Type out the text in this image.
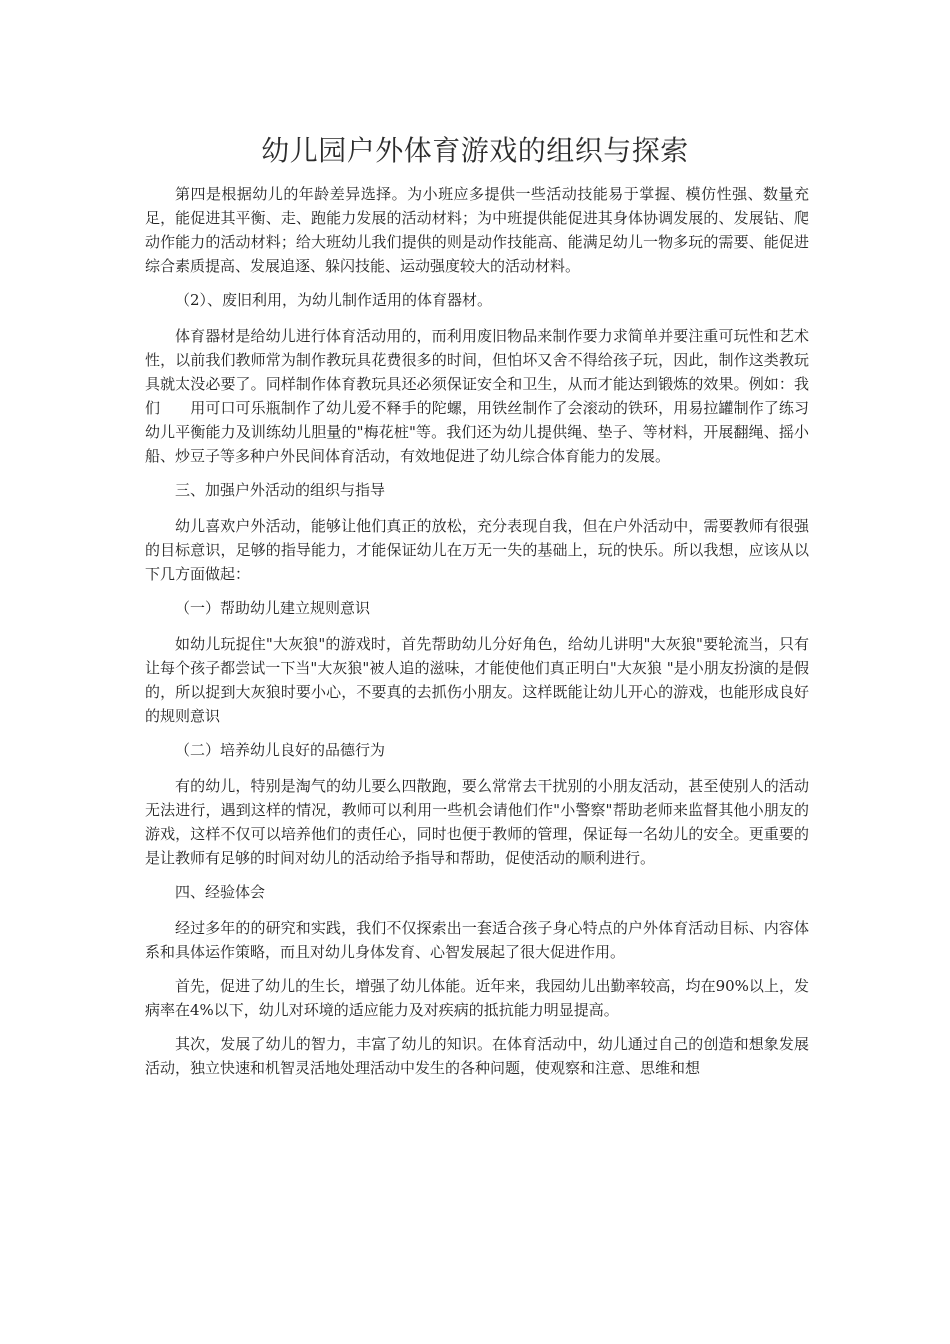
幼儿园户外体育游戏的组织与探索

第四是根据幼儿的年龄差异选择。为小班应多提供一些活动技能易于掌握、模仿性强、数量充足，能促进其平衡、走、跑能力发展的活动材料；为中班提供能促进其身体协调发展的、发展钻、爬动作能力的活动材料；给大班幼儿我们提供的则是动作技能高、能满足幼儿一物多玩的需要、能促进综合素质提高、发展追逐、躲闪技能、运动强度较大的活动材料。

（2）、废旧利用，为幼儿制作适用的体育器材。

体育器材是给幼儿进行体育活动用的，而利用废旧物品来制作要力求简单并要注重可玩性和艺术性，以前我们教师常为制作教玩具花费很多的时间，但怕坏又舍不得给孩子玩，因此，制作这类教玩具就太没必要了。同样制作体育教玩具还必须保证安全和卫生，从而才能达到锻炼的效果。例如：我们　　用可口可乐瓶制作了幼儿爱不释手的陀螺，用铁丝制作了会滚动的铁环，用易拉罐制作了练习幼儿平衡能力及训练幼儿胆量的"梅花桩"等。我们还为幼儿提供绳、垫子、等材料，开展翻绳、摇小船、炒豆子等多种户外民间体育活动，有效地促进了幼儿综合体育能力的发展。

三、加强户外活动的组织与指导

幼儿喜欢户外活动，能够让他们真正的放松，充分表现自我，但在户外活动中，需要教师有很强的目标意识，足够的指导能力，才能保证幼儿在万无一失的基础上，玩的快乐。所以我想，应该从以下几方面做起：

（一）帮助幼儿建立规则意识

如幼儿玩捉住"大灰狼"的游戏时，首先帮助幼儿分好角色，给幼儿讲明"大灰狼"要轮流当，只有让每个孩子都尝试一下当"大灰狼"被人追的滋味，才能使他们真正明白"大灰狼 "是小朋友扮演的是假的，所以捉到大灰狼时要小心，不要真的去抓伤小朋友。这样既能让幼儿开心的游戏，也能形成良好的规则意识

（二）培养幼儿良好的品德行为

有的幼儿，特别是淘气的幼儿要么四散跑，要么常常去干扰别的小朋友活动，甚至使别人的活动无法进行，遇到这样的情况，教师可以利用一些机会请他们作"小警察"帮助老师来监督其他小朋友的游戏，这样不仅可以培养他们的责任心，同时也便于教师的管理，保证每一名幼儿的安全。更重要的是让教师有足够的时间对幼儿的活动给予指导和帮助，促使活动的顺利进行。

四、经验体会

经过多年的的研究和实践，我们不仅探索出一套适合孩子身心特点的户外体育活动目标、内容体系和具体运作策略，而且对幼儿身体发育、心智发展起了很大促进作用。

首先，促进了幼儿的生长，增强了幼儿体能。近年来，我园幼儿出勤率较高，均在90%以上，发病率在4%以下，幼儿对环境的适应能力及对疾病的抵抗能力明显提高。

其次，发展了幼儿的智力，丰富了幼儿的知识。在体育活动中，幼儿通过自己的创造和想象发展活动，独立快速和机智灵活地处理活动中发生的各种问题，使观察和注意、思维和想
